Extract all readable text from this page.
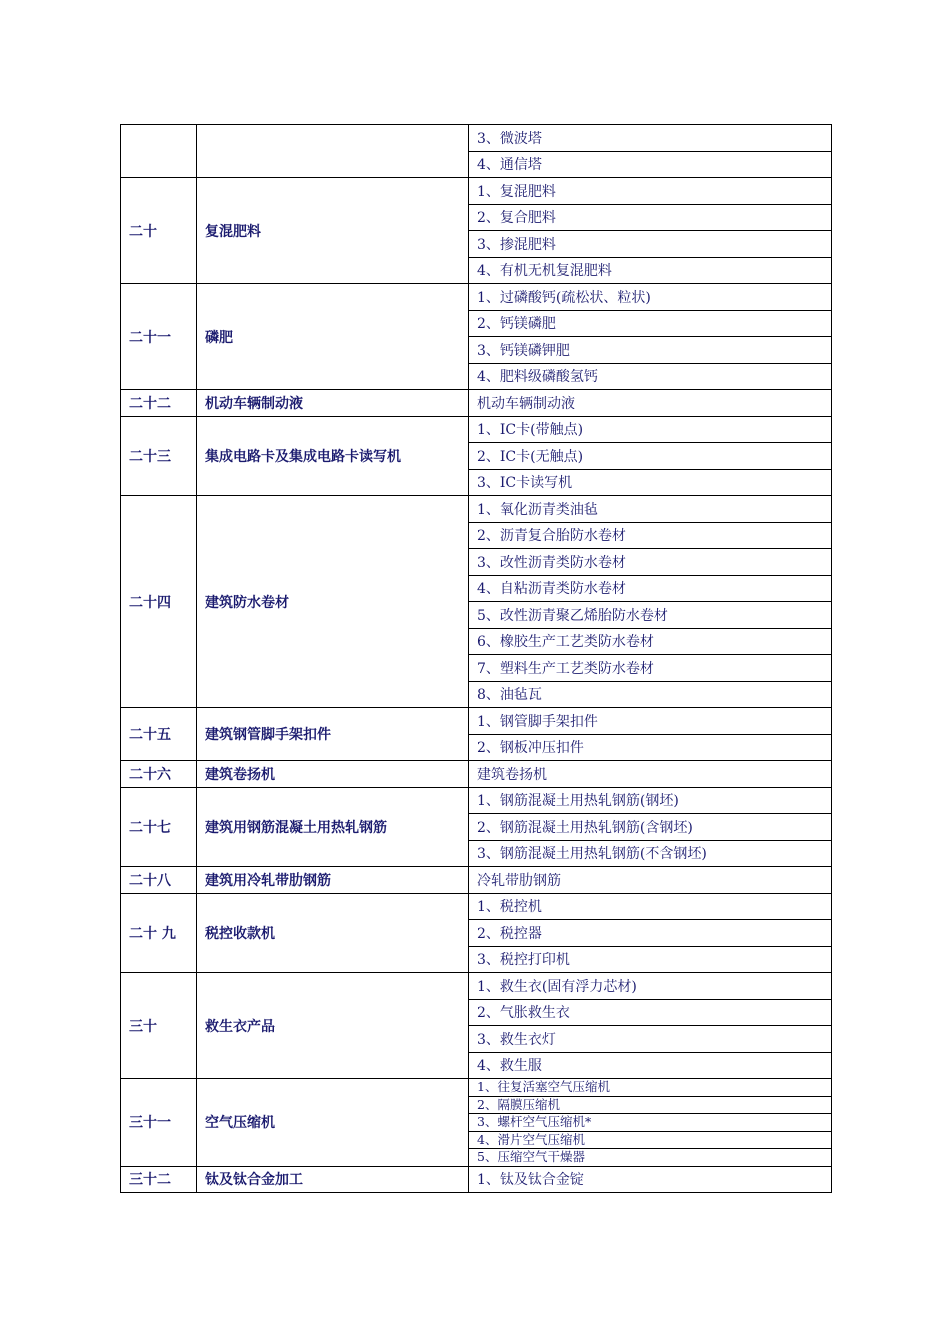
		3、微波塔
		4、通信塔
二十	复混肥料	1、复混肥料
		2、复合肥料
		3、掺混肥料
		4、有机无机复混肥料
二十一	磷肥	1、过磷酸钙(疏松状、粒状)
		2、钙镁磷肥
		3、钙镁磷钾肥
		4、肥料级磷酸氢钙
二十二	机动车辆制动液	机动车辆制动液
二十三	集成电路卡及集成电路卡读写机	1、IC卡(带触点)
		2、IC卡(无触点)
		3、IC卡读写机
二十四	建筑防水卷材	1、氧化沥青类油毡
		2、沥青复合胎防水卷材
		3、改性沥青类防水卷材
		4、自粘沥青类防水卷材
		5、改性沥青聚乙烯胎防水卷材
		6、橡胶生产工艺类防水卷材
		7、塑料生产工艺类防水卷材
		8、油毡瓦
二十五	建筑钢管脚手架扣件	1、钢管脚手架扣件
		2、钢板冲压扣件
二十六	建筑卷扬机	建筑卷扬机
二十七	建筑用钢筋混凝土用热轧钢筋	1、钢筋混凝土用热轧钢筋(钢坯)
		2、钢筋混凝土用热轧钢筋(含钢坯)
		3、钢筋混凝土用热轧钢筋(不含钢坯)
二十八	建筑用冷轧带肋钢筋	冷轧带肋钢筋
二十 九	税控收款机	1、税控机
		2、税控器
		3、税控打印机
三十	救生衣产品	1、救生衣(固有浮力芯材)
		2、气胀救生衣
		3、救生衣灯
		4、救生服
三十一	空气压缩机	1、往复活塞空气压缩机
		2、隔膜压缩机
		3、螺杆空气压缩机*
		4、滑片空气压缩机
		5、压缩空气干燥器
三十二	钛及钛合金加工	1、钛及钛合金锭
